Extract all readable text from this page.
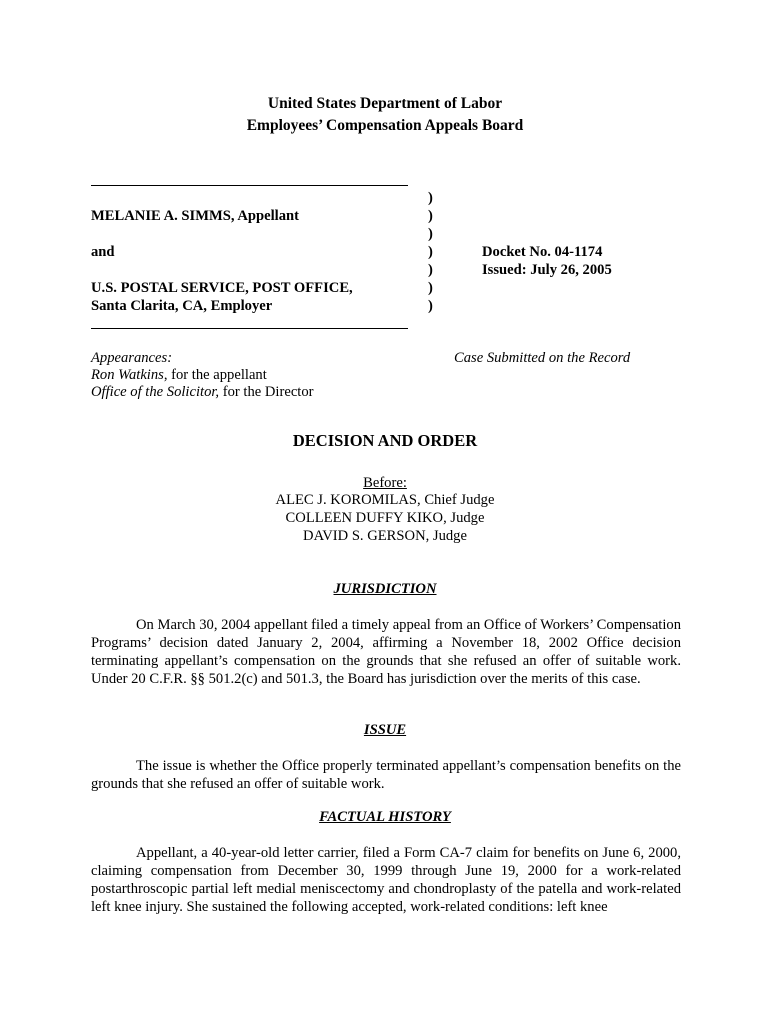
United States Department of Labor
Employees’ Compensation Appeals Board
MELANIE A. SIMMS, Appellant
and
U.S. POSTAL SERVICE, POST OFFICE,
Santa Clarita, CA, Employer
)
)
)
)
)
)
)
Docket No. 04-1174
Issued: July 26, 2005
Appearances:
Ron Watkins, for the appellant
Office of the Solicitor, for the Director
Case Submitted on the Record
DECISION AND ORDER
Before:
ALEC J. KOROMILAS, Chief Judge
COLLEEN DUFFY KIKO, Judge
DAVID S. GERSON, Judge
JURISDICTION
On March 30, 2004 appellant filed a timely appeal from an Office of Workers’ Compensation Programs’ decision dated January 2, 2004, affirming a November 18, 2002 Office decision terminating appellant’s compensation on the grounds that she refused an offer of suitable work. Under 20 C.F.R. §§ 501.2(c) and 501.3, the Board has jurisdiction over the merits of this case.
ISSUE
The issue is whether the Office properly terminated appellant’s compensation benefits on the grounds that she refused an offer of suitable work.
FACTUAL HISTORY
Appellant, a 40-year-old letter carrier, filed a Form CA-7 claim for benefits on June 6, 2000, claiming compensation from December 30, 1999 through June 19, 2000 for a work-related postarthroscopic partial left medial meniscectomy and chondroplasty of the patella and work-related left knee injury. She sustained the following accepted, work-related conditions: left knee
